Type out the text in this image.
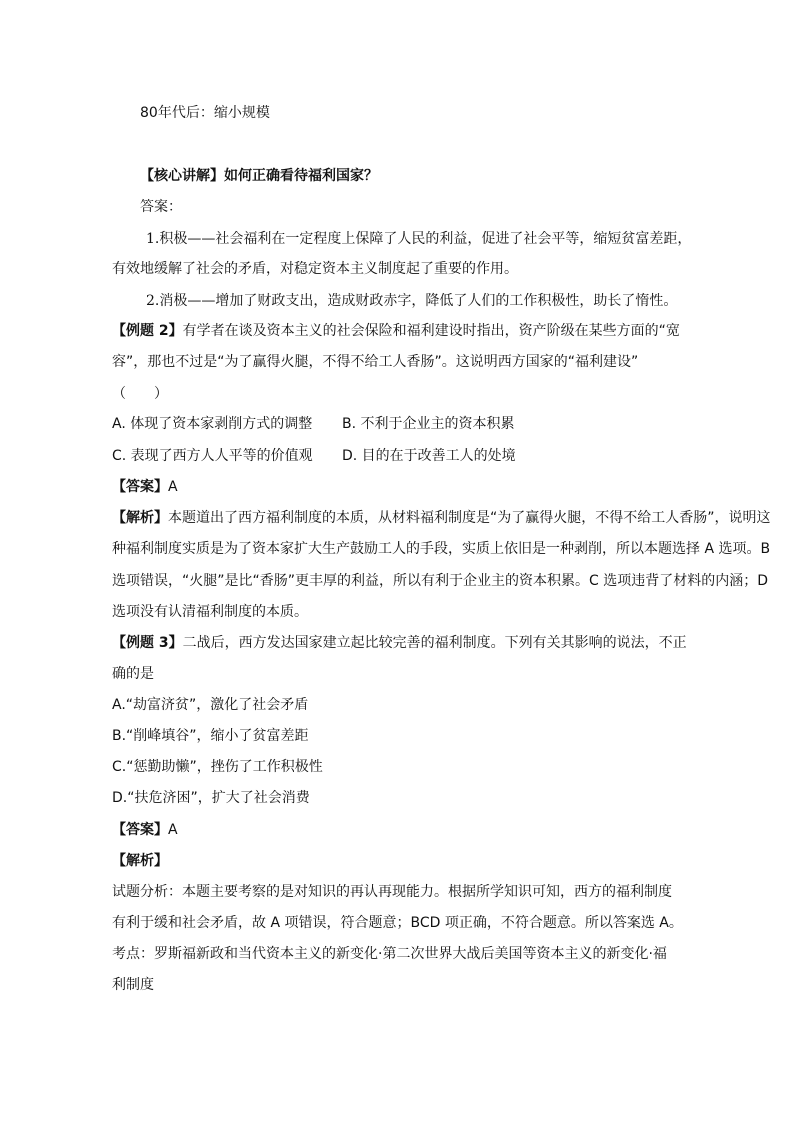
80年代后：缩小规模
【核心讲解】如何正确看待福利国家？
答案：
1.积极——社会福利在一定程度上保障了人民的利益，促进了社会平等，缩短贫富差距，
有效地缓解了社会的矛盾，对稳定资本主义制度起了重要的作用。
2.消极——增加了财政支出，造成财政赤字，降低了人们的工作积极性，助长了惰性。
【例题 2】有学者在谈及资本主义的社会保险和福利建设时指出，资产阶级在某些方面的“宽
容”，那也不过是“为了赢得火腿，不得不给工人香肠”。这说明西方国家的“福利建设”
（　　）
A. 体现了资本家剥削方式的调整 B. 不利于企业主的资本积累
C. 表现了西方人人平等的价值观 D. 目的在于改善工人的处境
【答案】A
【解析】本题道出了西方福利制度的本质，从材料福利制度是“为了赢得火腿，不得不给工人香肠”，说明这
种福利制度实质是为了资本家扩大生产鼓励工人的手段，实质上依旧是一种剥削，所以本题选择 A 选项。B
选项错误，“火腿”是比“香肠”更丰厚的利益，所以有利于企业主的资本积累。C 选项违背了材料的内涵；D
选项没有认清福利制度的本质。
【例题 3】二战后，西方发达国家建立起比较完善的福利制度。下列有关其影响的说法，不正
确的是
A.“劫富济贫”，激化了社会矛盾
B.“削峰填谷”，缩小了贫富差距
C.“惩勤助懒”，挫伤了工作积极性
D.“扶危济困”，扩大了社会消费
【答案】A
【解析】
试题分析：本题主要考察的是对知识的再认再现能力。根据所学知识可知，西方的福利制度
有利于缓和社会矛盾，故 A 项错误，符合题意；BCD 项正确，不符合题意。所以答案选 A。
考点：罗斯福新政和当代资本主义的新变化·第二次世界大战后美国等资本主义的新变化·福
利制度
